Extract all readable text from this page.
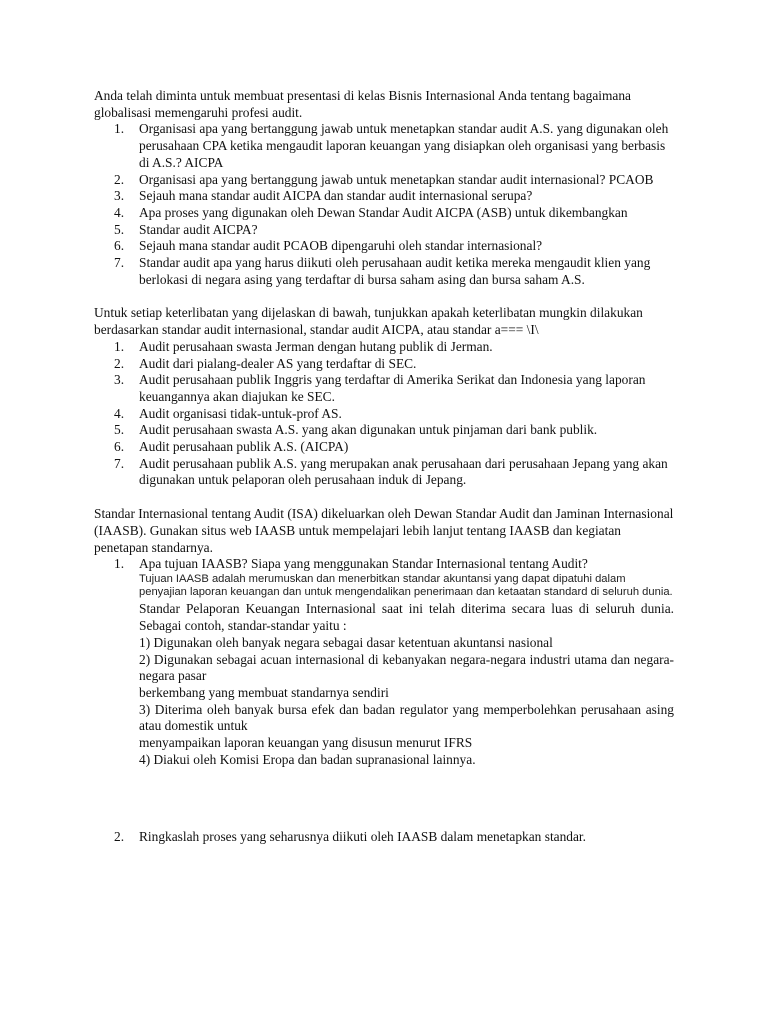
Anda telah diminta untuk membuat presentasi di kelas Bisnis Internasional Anda tentang bagaimana globalisasi memengaruhi profesi audit.

1. Organisasi apa yang bertanggung jawab untuk menetapkan standar audit A.S. yang digunakan oleh perusahaan CPA ketika mengaudit laporan keuangan yang disiapkan oleh organisasi yang berbasis di A.S.? AICPA
2. Organisasi apa yang bertanggung jawab untuk menetapkan standar audit internasional? PCAOB
3. Sejauh mana standar audit AICPA dan standar audit internasional serupa?
4. Apa proses yang digunakan oleh Dewan Standar Audit AICPA (ASB) untuk dikembangkan
5. Standar audit AICPA?
6. Sejauh mana standar audit PCAOB dipengaruhi oleh standar internasional?
7. Standar audit apa yang harus diikuti oleh perusahaan audit ketika mereka mengaudit klien yang berlokasi di negara asing yang terdaftar di bursa saham asing dan bursa saham A.S.

Untuk setiap keterlibatan yang dijelaskan di bawah, tunjukkan apakah keterlibatan mungkin dilakukan berdasarkan standar audit internasional, standar audit AICPA, atau standar a=== \I\

1. Audit perusahaan swasta Jerman dengan hutang publik di Jerman.
2. Audit dari pialang-dealer AS yang terdaftar di SEC.
3. Audit perusahaan publik Inggris yang terdaftar di Amerika Serikat dan Indonesia yang laporan keuangannya akan diajukan ke SEC.
4. Audit organisasi tidak-untuk-prof AS.
5. Audit perusahaan swasta A.S. yang akan digunakan untuk pinjaman dari bank publik.
6. Audit perusahaan publik A.S. (AICPA)
7. Audit perusahaan publik A.S. yang merupakan anak perusahaan dari perusahaan Jepang yang akan digunakan untuk pelaporan oleh perusahaan induk di Jepang.

Standar Internasional tentang Audit (ISA) dikeluarkan oleh Dewan Standar Audit dan Jaminan Internasional (IAASB). Gunakan situs web IAASB untuk mempelajari lebih lanjut tentang IAASB dan kegiatan penetapan standarnya.

1. Apa tujuan IAASB? Siapa yang menggunakan Standar Internasional tentang Audit?
Tujuan IAASB adalah merumuskan dan menerbitkan standar akuntansi yang dapat dipatuhi dalam penyajian laporan keuangan dan untuk mengendalikan penerimaan dan ketaatan standard di seluruh dunia.
Standar Pelaporan Keuangan Internasional saat ini telah diterima secara luas di seluruh dunia. Sebagai contoh, standar-standar yaitu :
1) Digunakan oleh banyak negara sebagai dasar ketentuan akuntansi nasional
2) Digunakan sebagai acuan internasional di kebanyakan negara-negara industri utama dan negara-negara pasar
berkembang yang membuat standarnya sendiri
3) Diterima oleh banyak bursa efek dan badan regulator yang memperbolehkan perusahaan asing atau domestik untuk
menyampaikan laporan keuangan yang disusun menurut IFRS
4) Diakui oleh Komisi Eropa dan badan supranasional lainnya.
2. Ringkaslah proses yang seharusnya diikuti oleh IAASB dalam menetapkan standar.
